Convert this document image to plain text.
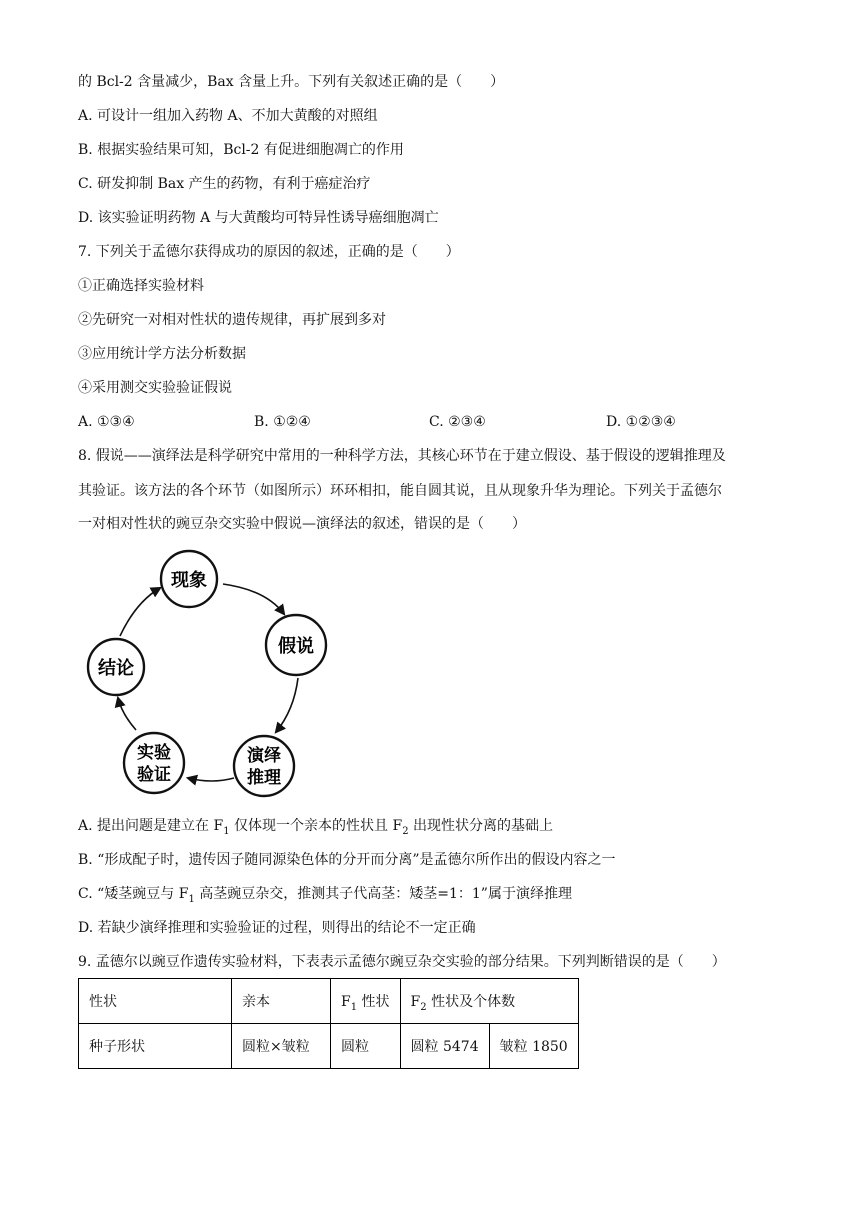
的 Bcl-2 含量减少，Bax 含量上升。下列有关叙述正确的是（　　）
A. 可设计一组加入药物 A、不加大黄酸的对照组
B. 根据实验结果可知，Bcl-2 有促进细胞凋亡的作用
C. 研发抑制 Bax 产生的药物，有利于癌症治疗
D. 该实验证明药物 A 与大黄酸均可特异性诱导癌细胞凋亡
7. 下列关于孟德尔获得成功的原因的叙述，正确的是（　　）
①正确选择实验材料
②先研究一对相对性状的遗传规律，再扩展到多对
③应用统计学方法分析数据
④采用测交实验验证假说
A. ①③④	B. ①②④	C. ②③④	D. ①②③④
8. 假说——演绎法是科学研究中常用的一种科学方法，其核心环节在于建立假设、基于假设的逻辑推理及
其验证。该方法的各个环节（如图所示）环环相扣，能自圆其说，且从现象升华为理论。下列关于孟德尔
一对相对性状的豌豆杂交实验中假说—演绎法的叙述，错误的是（　　）
现象
假说
演绎
推理
实验
验证
结论
A. 提出问题是建立在 $F_1$ 仅体现一个亲本的性状且 $F_2$ 出现性状分离的基础上
B. “形成配子时，遗传因子随同源染色体的分开而分离”是孟德尔所作出的假设内容之一
C. “矮茎豌豆与 $F_1$ 高茎豌豆杂交，推测其子代高茎：矮茎=1：1”属于演绎推理
D. 若缺少演绎推理和实验验证的过程，则得出的结论不一定正确
9. 孟德尔以豌豆作遗传实验材料，下表表示孟德尔豌豆杂交实验的部分结果。下列判断错误的是（　　）
性状	亲本	$F_1$ 性状	$F_2$ 性状及个体数	
种子形状	圆粒×皱粒	圆粒	圆粒 5474	皱粒 1850
